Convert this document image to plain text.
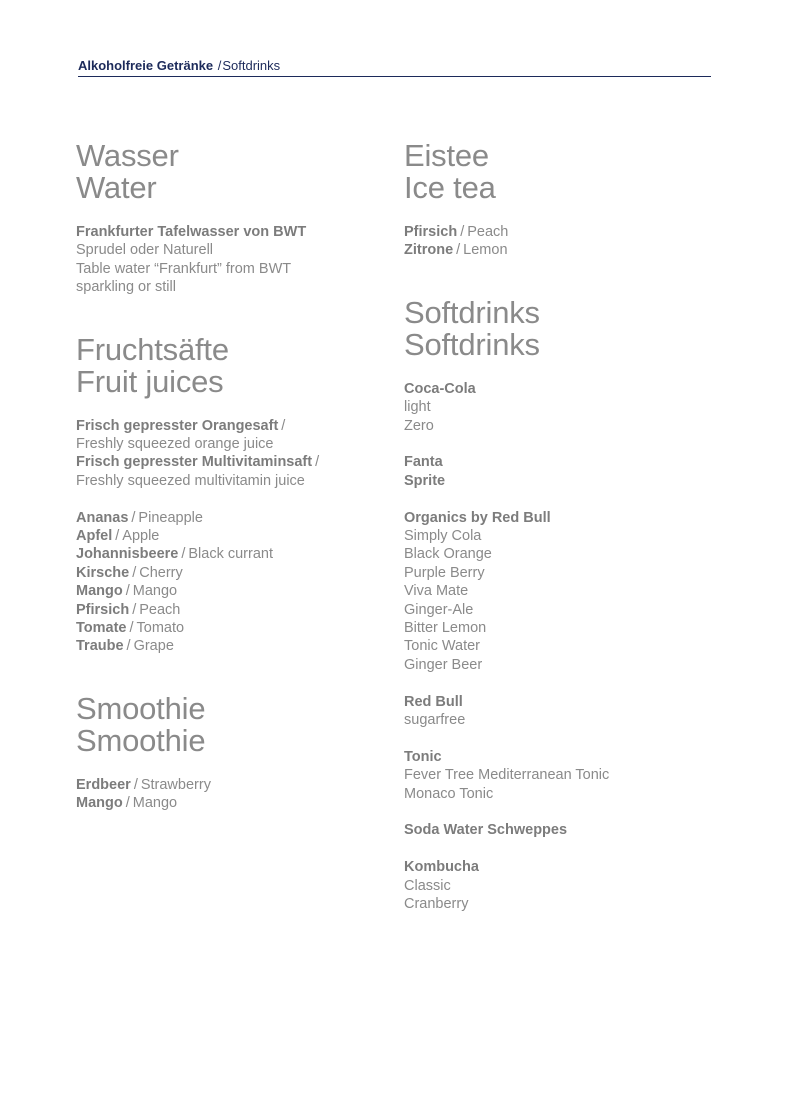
Alkoholfreie Getränke /Softdrinks
Wasser
Water
Frankfurter Tafelwasser von BWT
Sprudel oder Naturell
Table water “Frankfurt” from BWT
sparkling or still
Fruchtsäfte
Fruit juices
Frisch gepresster Orangesaft /
Freshly squeezed orange juice
Frisch gepresster Multivitaminsaft /
Freshly squeezed multivitamin juice
Ananas / Pineapple
Apfel / Apple
Johannisbeere / Black currant
Kirsche / Cherry
Mango / Mango
Pfirsich / Peach
Tomate / Tomato
Traube / Grape
Smoothie
Smoothie
Erdbeer / Strawberry
Mango / Mango
Eistee
Ice tea
Pfirsich / Peach
Zitrone / Lemon
Softdrinks
Softdrinks
Coca-Cola
light
Zero
Fanta
Sprite
Organics by Red Bull
Simply Cola
Black Orange
Purple Berry
Viva Mate
Ginger-Ale
Bitter Lemon
Tonic Water
Ginger Beer
Red Bull
sugarfree
Tonic
Fever Tree Mediterranean Tonic
Monaco Tonic
Soda Water Schweppes
Kombucha
Classic
Cranberry
